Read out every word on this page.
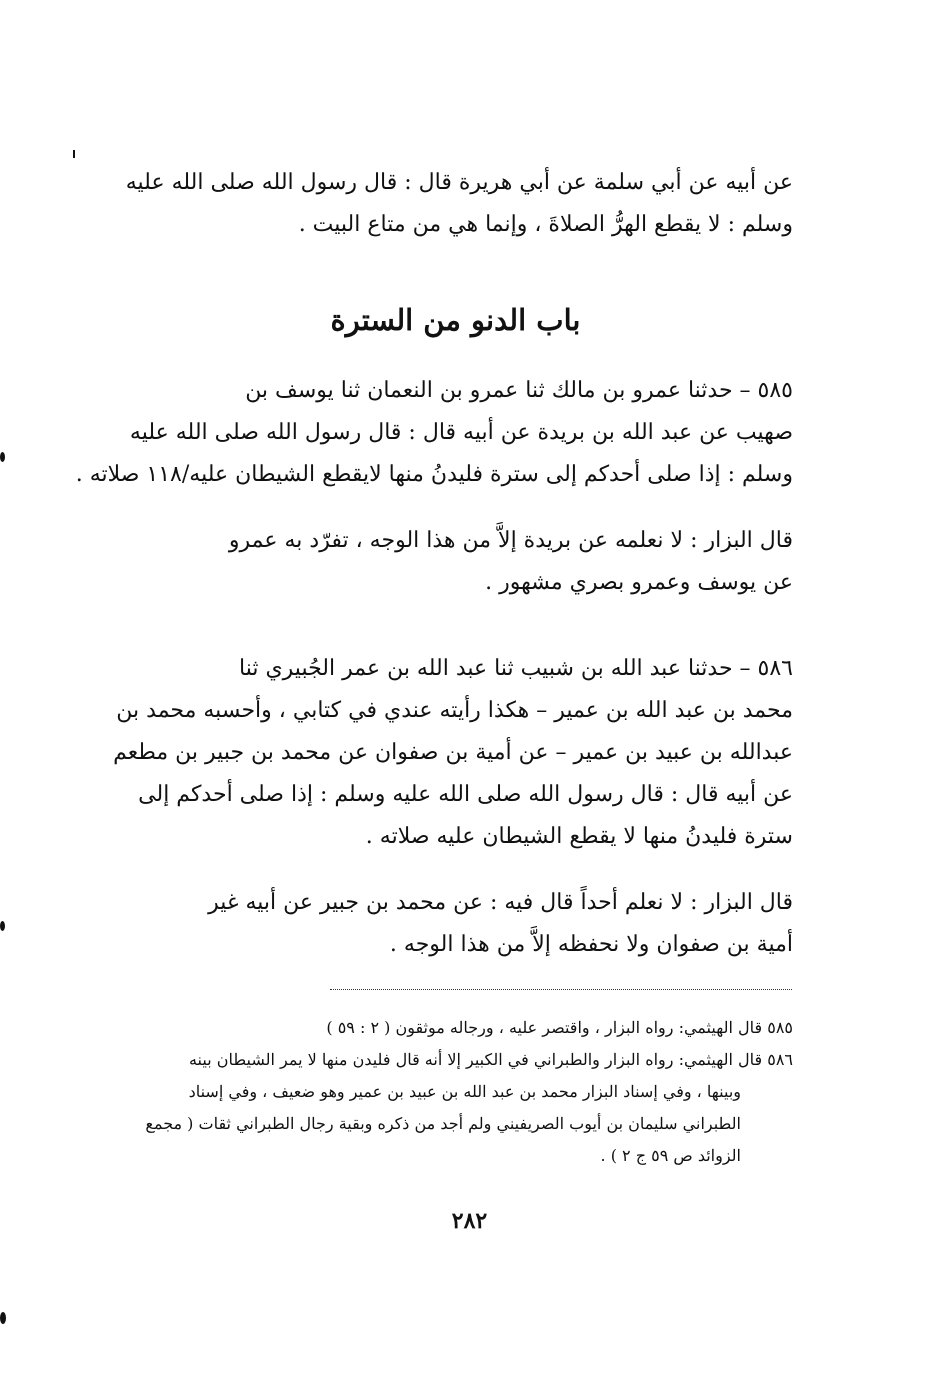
عن أبيه عن أبي سلمة عن أبي هريرة قال : قال رسول الله صلى الله عليه
وسلم : لا يقطع الهرُّ الصلاةَ ، وإنما هي من متاع البيت .
باب الدنو من السترة
٥٨٥ – حدثنا عمرو بن مالك ثنا عمرو بن النعمان ثنا يوسف بن
صهيب عن عبد الله بن بريدة عن أبيه قال : قال رسول الله صلى الله عليه
وسلم : إذا صلى أحدكم إلى سترة فليدنُ منها لايقطع الشيطان عليه/١١٨ صلاته .
قال البزار : لا نعلمه عن بريدة إلاَّ من هذا الوجه ، تفرّد به عمرو
عن يوسف وعمرو بصري مشهور .
٥٨٦ – حدثنا عبد الله بن شبيب ثنا عبد الله بن عمر الجُبيري ثنا
محمد بن عبد الله بن عمير – هكذا رأيته عندي في كتابي ، وأحسبه محمد بن
عبدالله بن عبيد بن عمير – عن أمية بن صفوان عن محمد بن جبير بن مطعم
عن أبيه قال : قال رسول الله صلى الله عليه وسلم : إذا صلى أحدكم إلى
سترة فليدنُ منها لا يقطع الشيطان عليه صلاته .
قال البزار : لا نعلم أحداً قال فيه : عن محمد بن جبير عن أبيه غير
أمية بن صفوان ولا نحفظه إلاَّ من هذا الوجه .
٥٨٥ قال الهيثمي: رواه البزار ، واقتصر عليه ، ورجاله موثقون ( ٢ : ٥٩ )
٥٨٦ قال الهيثمي: رواه البزار والطبراني في الكبير إلا أنه قال فليدن منها لا يمر الشيطان بينه
وبينها ، وفي إسناد البزار محمد بن عبد الله بن عبيد بن عمير وهو ضعيف ، وفي إسناد
الطبراني سليمان بن أيوب الصريفيني ولم أجد من ذكره وبقية رجال الطبراني ثقات ( مجمع
الزوائد ص ٥٩ ج ٢ ) .
٢٨٢
